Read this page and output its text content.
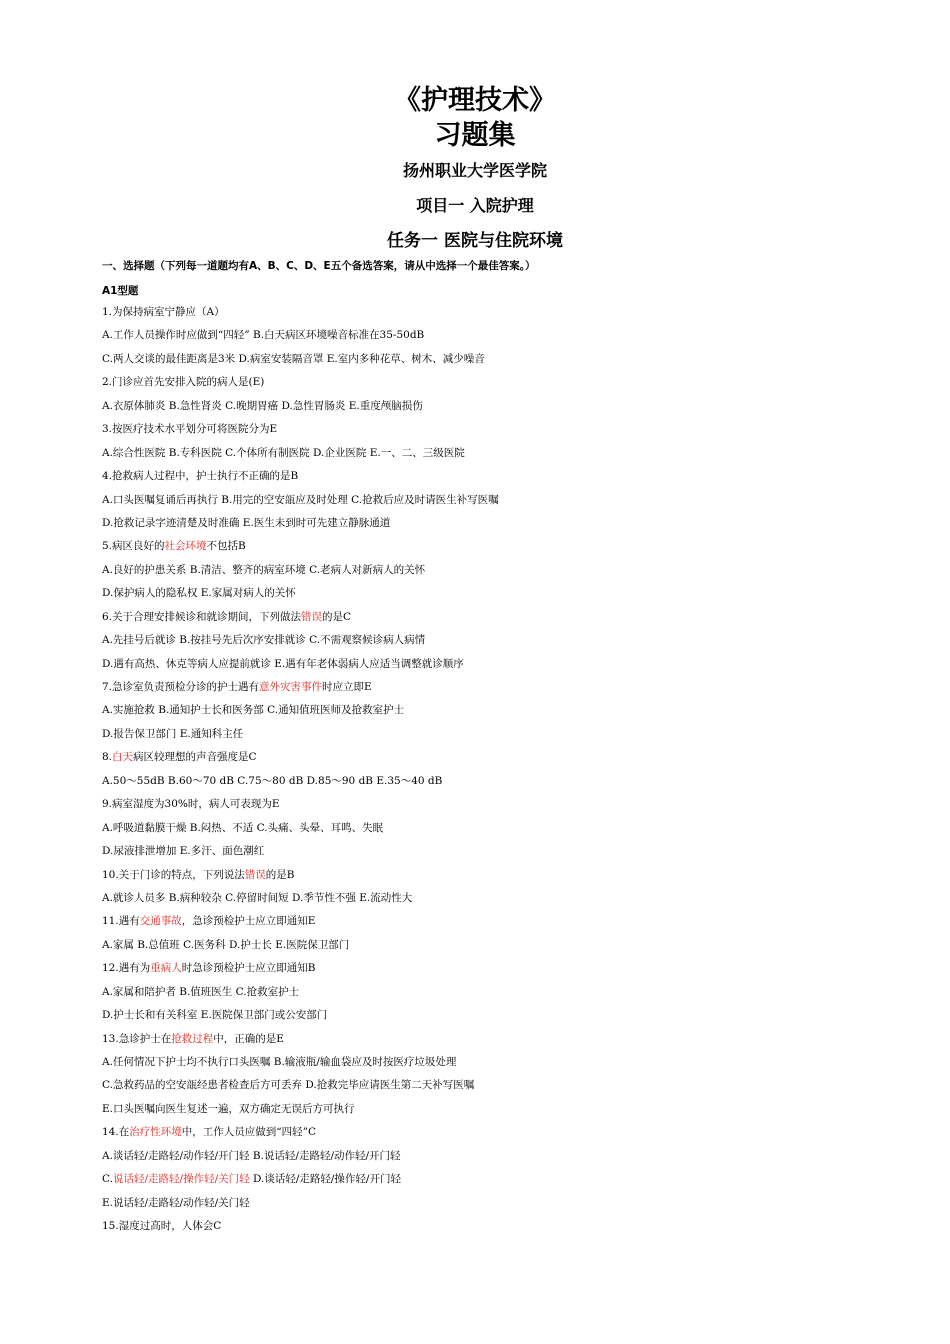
《护理技术》
习题集
扬州职业大学医学院
项目一 入院护理
任务一 医院与住院环境
一、选择题（下列每一道题均有A、B、C、D、E五个备选答案，请从中选择一个最佳答案。）
A1型题
1.为保持病室宁静应（A）
A.工作人员操作时应做到“四轻” B.白天病区环境噪音标准在35-50dB
C.两人交谈的最佳距离是3米 D.病室安装隔音罩 E.室内多种花草、树木、减少噪音
2.门诊应首先安排入院的病人是(E)
A.衣原体肺炎 B.急性肾炎 C.晚期胃癌 D.急性胃肠炎 E.重度颅脑损伤
3.按医疗技术水平划分可将医院分为E
A.综合性医院 B.专科医院 C.个体所有制医院 D.企业医院 E.一、二、三级医院
4.抢救病人过程中，护士执行不正确的是B
A.口头医嘱复诵后再执行 B.用完的空安瓿应及时处理 C.抢救后应及时请医生补写医嘱
D.抢救记录字迹清楚及时准确 E.医生未到时可先建立静脉通道
5.病区良好的社会环境不包括B
A.良好的护患关系 B.清洁、整齐的病室环境 C.老病人对新病人的关怀
D.保护病人的隐私权 E.家属对病人的关怀
6.关于合理安排候诊和就诊期间，下列做法错误的是C
A.先挂号后就诊 B.按挂号先后次序安排就诊 C.不需观察候诊病人病情
D.遇有高热、休克等病人应提前就诊 E.遇有年老体弱病人应适当调整就诊顺序
7.急诊室负责预检分诊的护士遇有意外灾害事件时应立即E
A.实施抢救 B.通知护士长和医务部 C.通知值班医师及抢救室护士
D.报告保卫部门 E.通知科主任
8.白天病区较理想的声音强度是C
A.50～55dB B.60～70 dB C.75～80 dB D.85～90 dB E.35～40 dB
9.病室湿度为30%时，病人可表现为E
A.呼吸道黏膜干燥 B.闷热、不适 C.头痛、头晕、耳鸣、失眠
D.尿液排泄增加 E.多汗、面色潮红
10.关于门诊的特点，下列说法错误的是B
A.就诊人员多 B.病种较杂 C.停留时间短 D.季节性不强 E.流动性大
11.遇有交通事故，急诊预检护士应立即通知E
A.家属 B.总值班 C.医务科 D.护士长 E.医院保卫部门
12.遇有为重病人时急诊预检护士应立即通知B
A.家属和陪护者 B.值班医生 C.抢救室护士
D.护士长和有关科室 E.医院保卫部门或公安部门
13.急诊护士在抢救过程中，正确的是E
A.任何情况下护士均不执行口头医嘱 B.输液瓶/输血袋应及时按医疗垃圾处理
C.急救药品的空安瓿经患者检查后方可丢弃 D.抢救完毕应请医生第二天补写医嘱
E.口头医嘱向医生复述一遍，双方确定无误后方可执行
14.在治疗性环境中，工作人员应做到“四轻”C
A.谈话轻/走路轻/动作轻/开门轻 B.说话轻/走路轻/动作轻/开门轻
C.说话轻/走路轻/操作轻/关门轻 D.谈话轻/走路轻/操作轻/开门轻
E.说话轻/走路轻/动作轻/关门轻
15.湿度过高时，人体会C
